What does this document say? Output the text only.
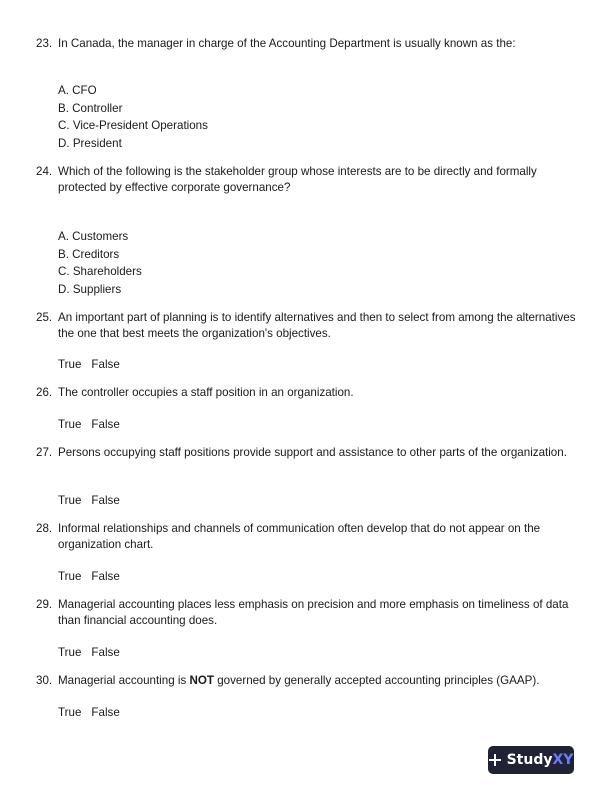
23. In Canada, the manager in charge of the Accounting Department is usually known as the:
A. CFO
B. Controller
C. Vice-President Operations
D. President
24. Which of the following is the stakeholder group whose interests are to be directly and formally protected by effective corporate governance?
A. Customers
B. Creditors
C. Shareholders
D. Suppliers
25. An important part of planning is to identify alternatives and then to select from among the alternatives the one that best meets the organization's objectives.
True False
26. The controller occupies a staff position in an organization.
True False
27. Persons occupying staff positions provide support and assistance to other parts of the organization.
True False
28. Informal relationships and channels of communication often develop that do not appear on the organization chart.
True False
29. Managerial accounting places less emphasis on precision and more emphasis on timeliness of data than financial accounting does.
True False
30. Managerial accounting is NOT governed by generally accepted accounting principles (GAAP).
True False
Study XY
